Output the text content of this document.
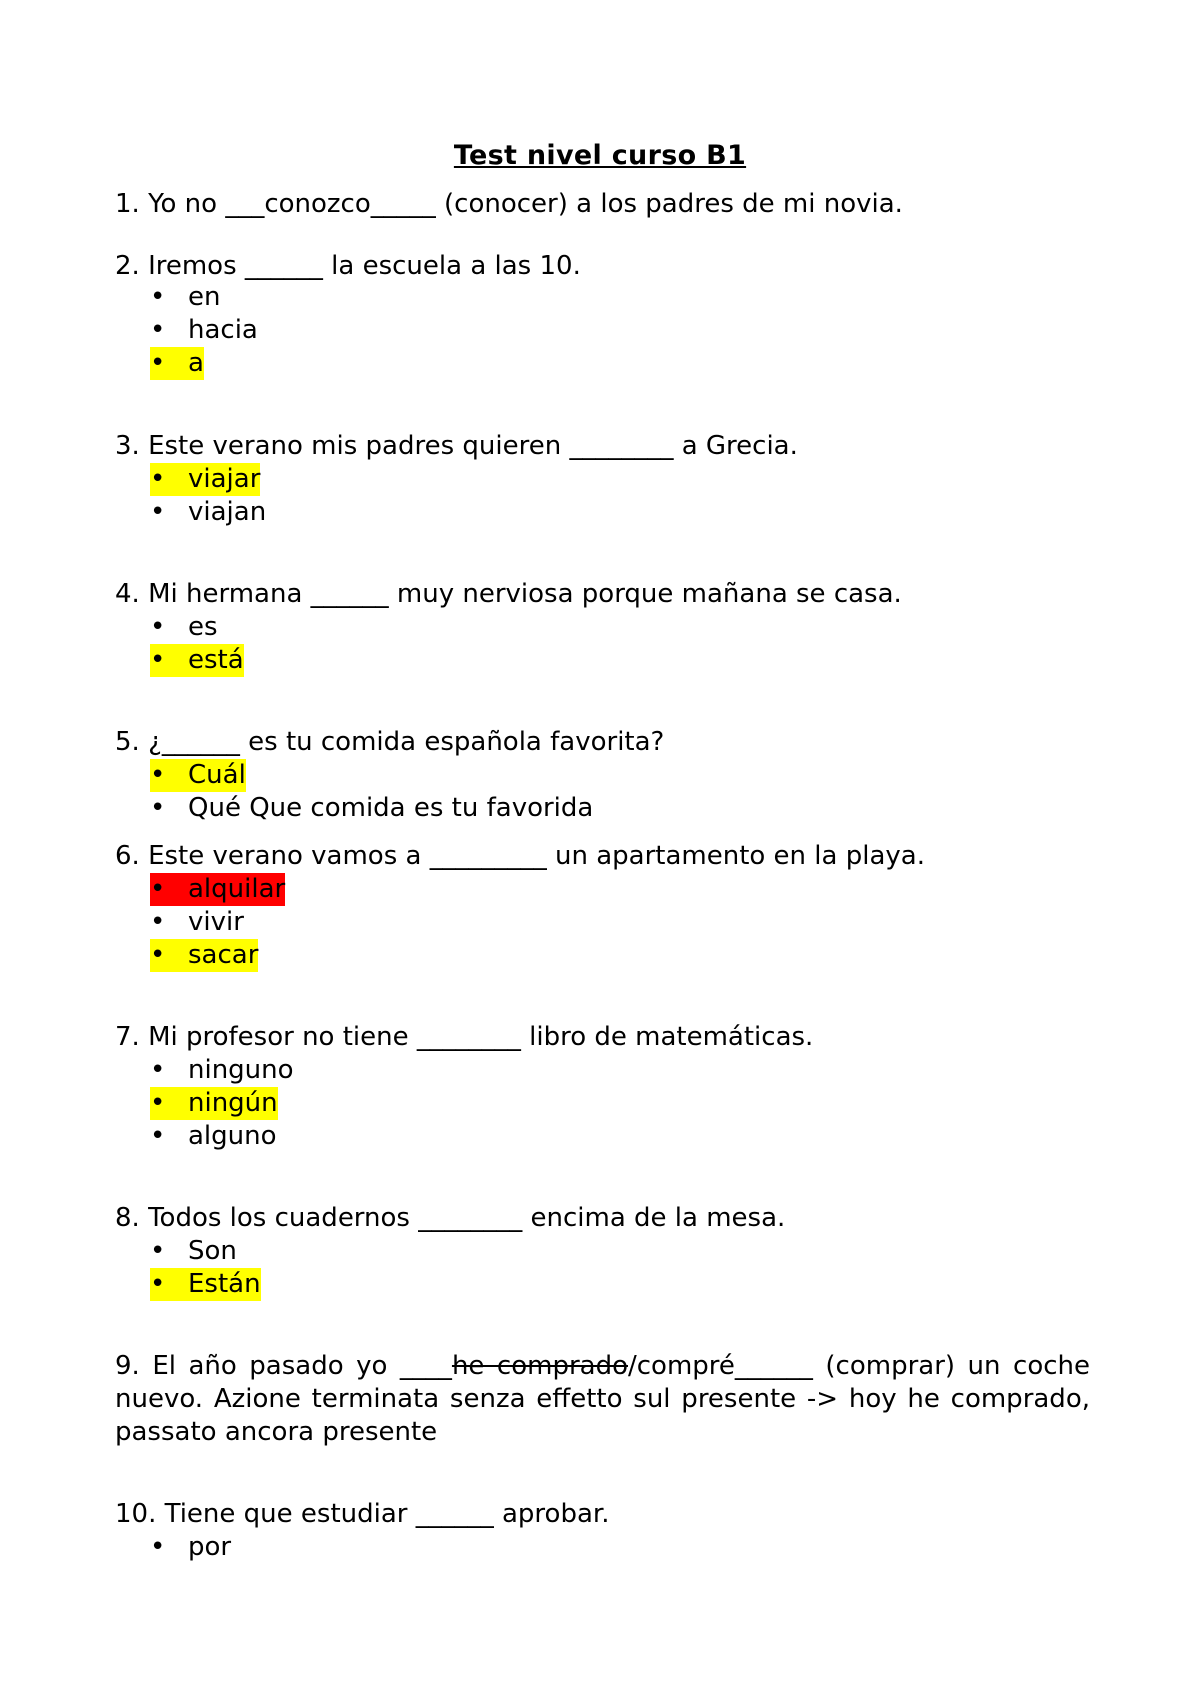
Test nivel curso B1
1. Yo no ___conozco_____ (conocer) a los padres de mi novia.
2. Iremos ______ la escuela a las 10.
• en
• hacia
• a
3. Este verano mis padres quieren ________ a Grecia.
• viajar
• viajan
4. Mi hermana ______ muy nerviosa porque mañana se casa.
• es
• está
5. ¿______ es tu comida española favorita?
• Cuál
• Qué Que comida es tu favorida
6. Este verano vamos a _________ un apartamento en la playa.
• alquilar
• vivir
• sacar
7. Mi profesor no tiene ________ libro de matemáticas.
• ninguno
• ningún
• alguno
8. Todos los cuadernos ________ encima de la mesa.
• Son
• Están
9. El año pasado yo ____he comprado/compré______ (comprar) un coche nuevo. Azione terminata senza effetto sul presente -> hoy he comprado, passato ancora presente
10. Tiene que estudiar ______ aprobar.
• por
